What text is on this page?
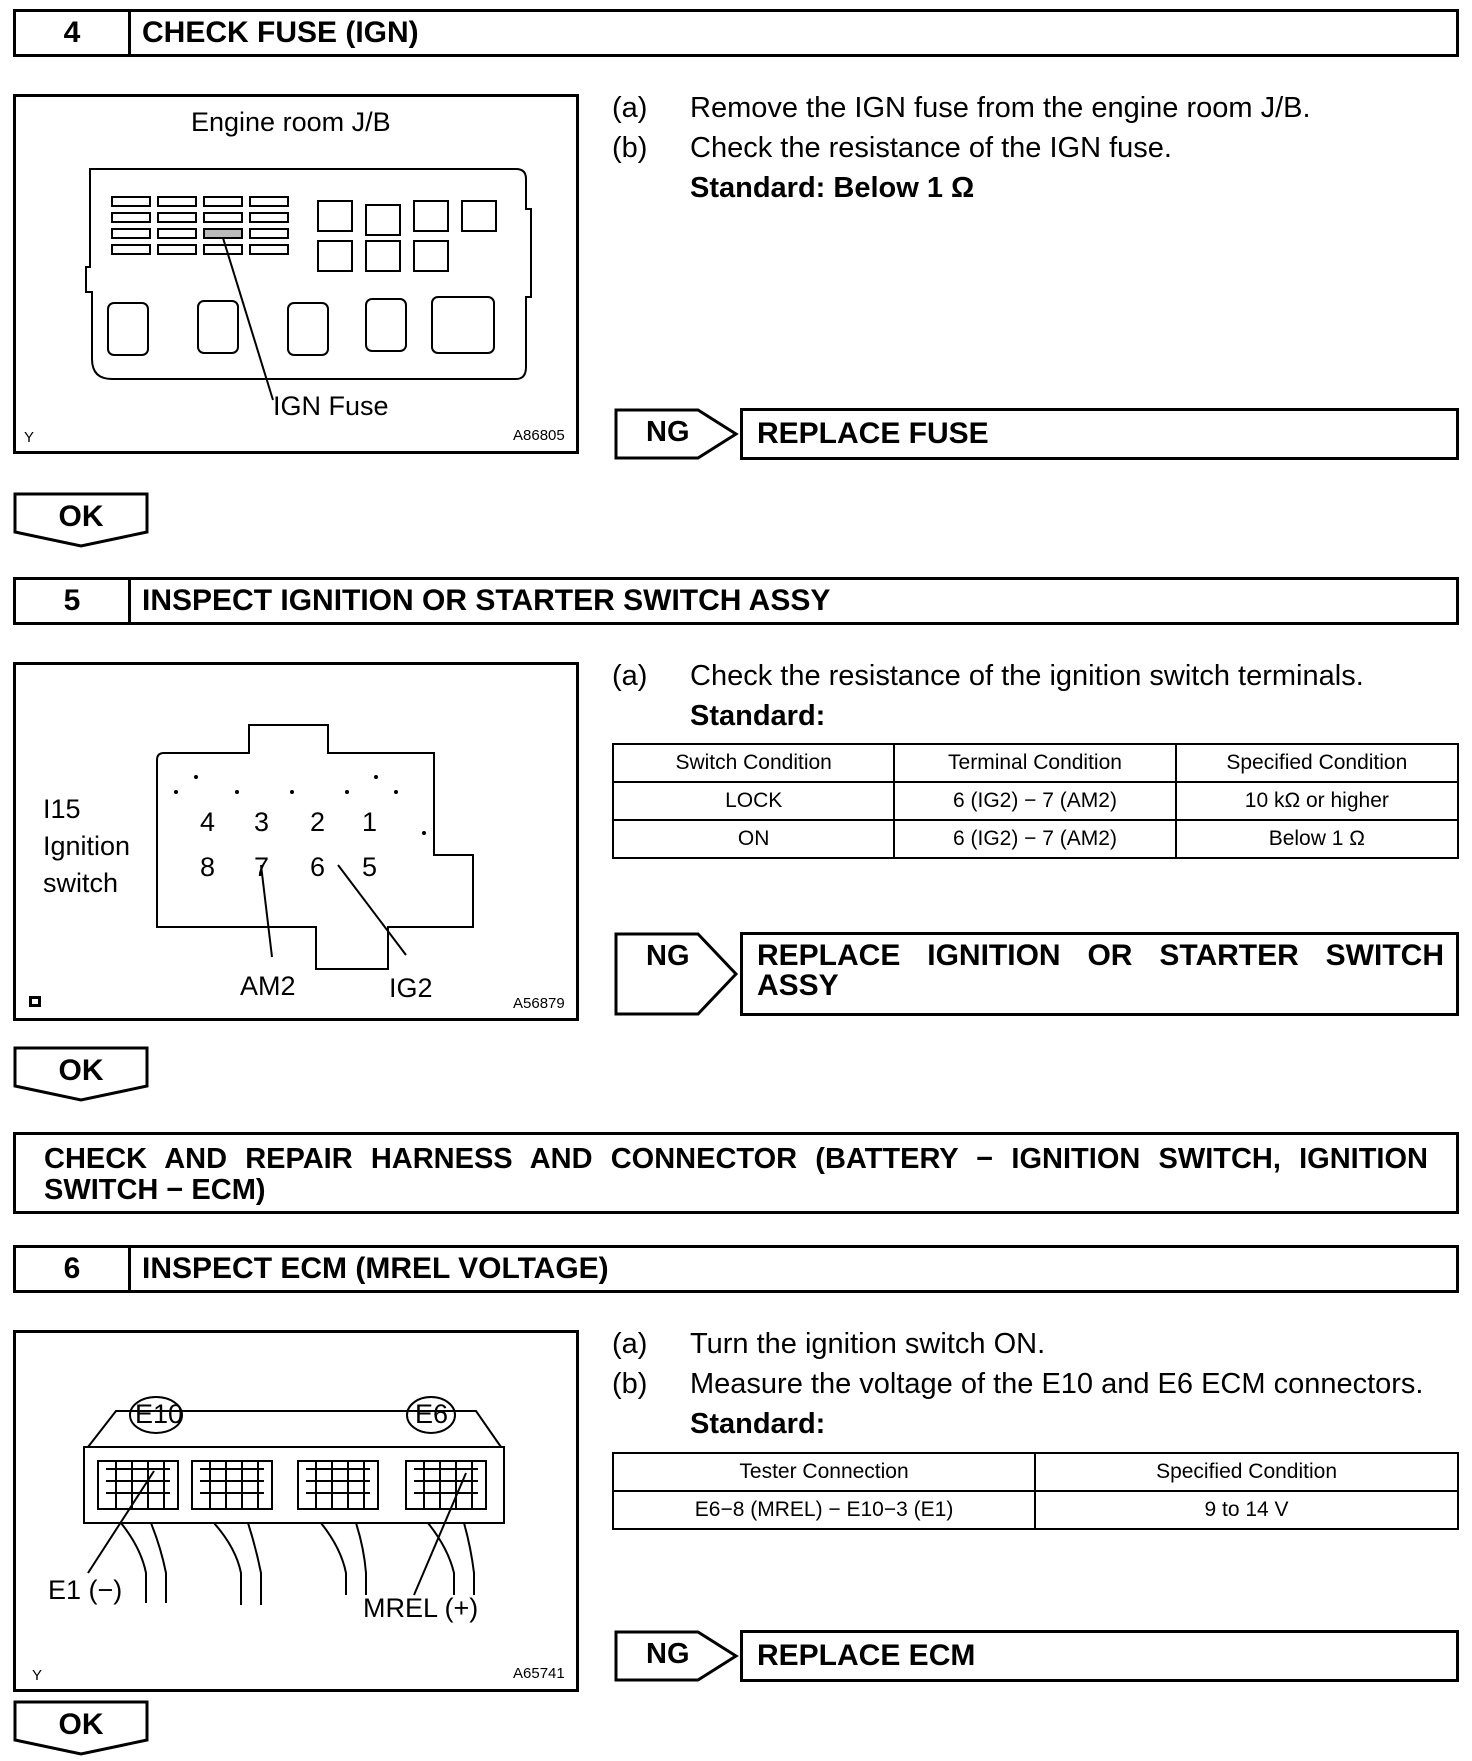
4	CHECK FUSE (IGN)
Engine room J/B
IGN Fuse
Y	A86805
(a)	Remove the IGN fuse from the engine room J/B.
(b)	Check the resistance of the IGN fuse.
Standard: Below 1 Ω
NG	REPLACE FUSE
OK
5	INSPECT IGNITION OR STARTER SWITCH ASSY
4 3 2 1
8 7 6 5
I15
Ignition
switch
AM2	IG2
A56879
(a)	Check the resistance of the ignition switch terminals.
Standard:
Switch Condition	Terminal Condition	Specified Condition
LOCK	6 (IG2) − 7 (AM2)	10 kΩ or higher
ON	6 (IG2) − 7 (AM2)	Below 1 Ω
NG REPLACE IGNITION OR STARTER SWITCH
ASSY
OK
CHECK AND REPAIR HARNESS AND CONNECTOR (BATTERY − IGNITION SWITCH, IGNITION
SWITCH − ECM)
6	INSPECT ECM (MREL VOLTAGE)
E10	E6
E1 (−)
MREL (+)
Y	A65741
(a)	Turn the ignition switch ON.
(b)	Measure the voltage of the E10 and E6 ECM connectors.
Standard:
Tester Connection	Specified Condition
E6−8 (MREL) − E10−3 (E1)	9 to 14 V
NG	REPLACE ECM
OK
